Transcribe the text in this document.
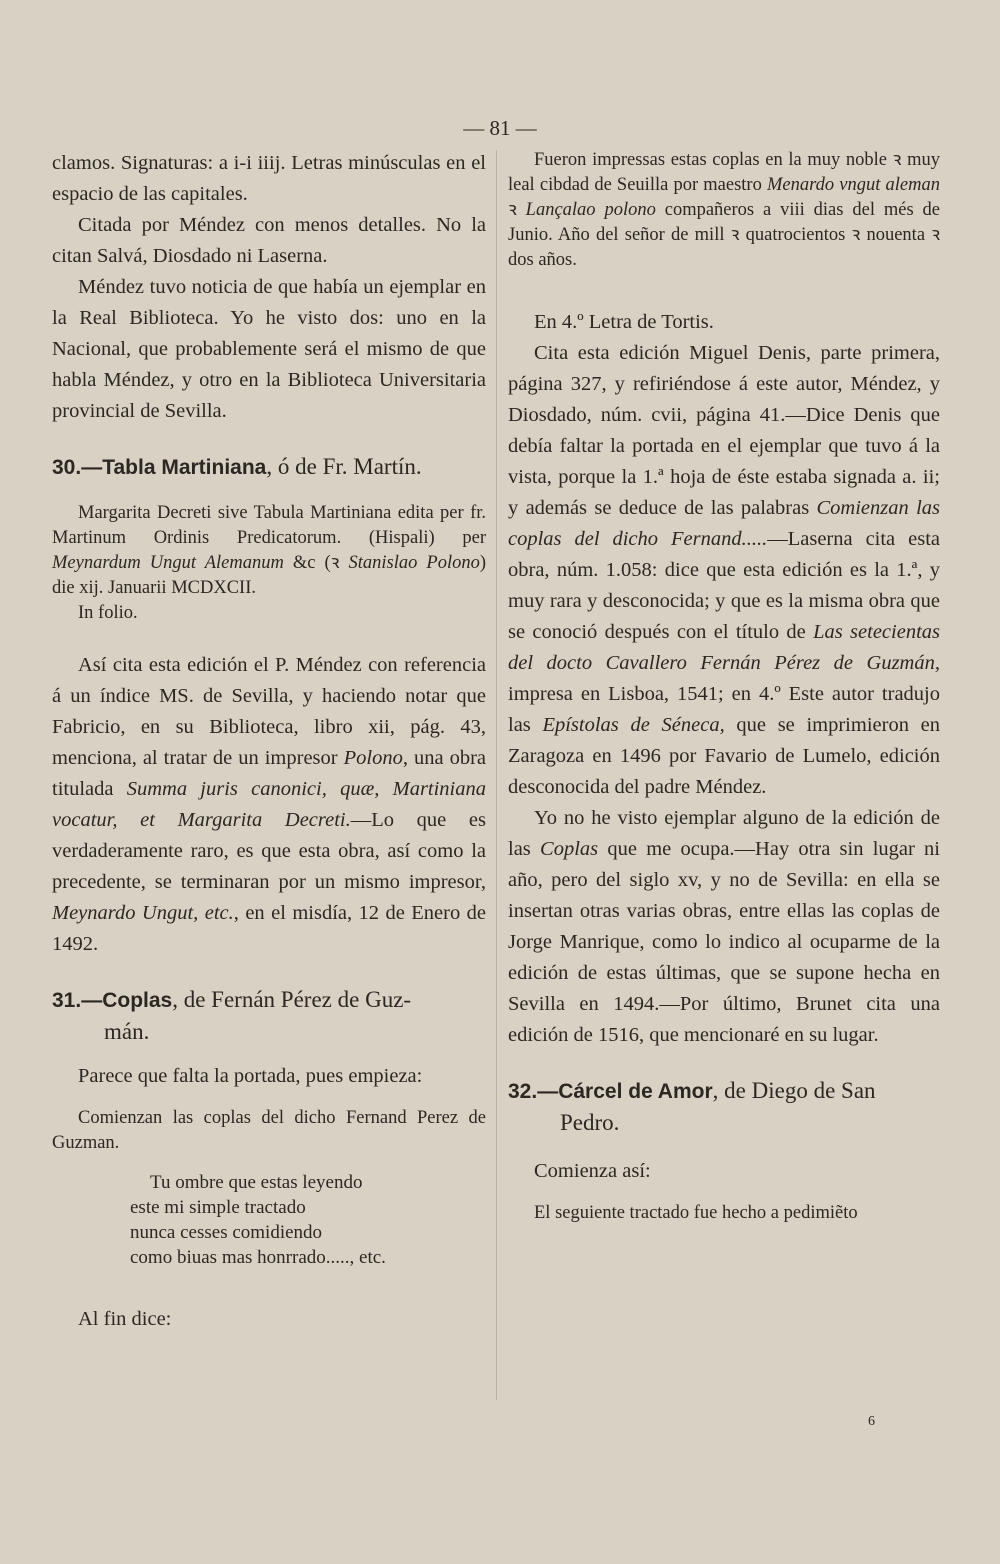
— 81 —

clamos. Signaturas: a i-i iiij. Letras minúsculas en el espacio de las capitales.

Citada por Méndez con menos detalles. No la citan Salvá, Diosdado ni Laserna.

Méndez tuvo noticia de que había un ejemplar en la Real Biblioteca. Yo he visto dos: uno en la Nacional, que probablemente será el mismo de que habla Méndez, y otro en la Biblioteca Universitaria provincial de Sevilla.

30.—Tabla Martiniana, ó de Fr. Martín.

Margarita Decreti sive Tabula Martiniana edita per fr. Martinum Ordinis Predicatorum. (Hispali) per Meynardum Ungut Alemanum &c (ꝛ Stanislao Polono) die xij. Januarii MCDXCII.

In folio.

Así cita esta edición el P. Méndez con referencia á un índice MS. de Sevilla, y haciendo notar que Fabricio, en su Biblioteca, libro xii, pág. 43, menciona, al tratar de un impresor Polono, una obra titulada Summa juris canonici, quæ, Martiniana vocatur, et Margarita Decreti.—Lo que es verdaderamente raro, es que esta obra, así como la precedente, se terminaran por un mismo impresor, Meynardo Ungut, etc., en el misdía, 12 de Enero de 1492.

31.—Coplas, de Fernán Pérez de Guz-
mán.

Parece que falta la portada, pues empieza:

Comienzan las coplas del dicho Fernand Perez de Guzman.

Tu ombre que estas leyendo
este mi simple tractado
nunca cesses comidiendo
como biuas mas honrrado....., etc.

Al fin dice:

Fueron impressas estas coplas en la muy noble ꝛ muy leal cibdad de Seuilla por maestro Menardo vngut aleman ꝛ Lançalao polono compañeros a viii dias del més de Junio. Año del señor de mill ꝛ quatrocientos ꝛ nouenta ꝛ dos años.

En 4.º Letra de Tortis.

Cita esta edición Miguel Denis, parte primera, página 327, y refiriéndose á este autor, Méndez, y Diosdado, núm. cvii, página 41.—Dice Denis que debía faltar la portada en el ejemplar que tuvo á la vista, porque la 1.ª hoja de éste estaba signada a. ii; y además se deduce de las palabras Comienzan las coplas del dicho Fernand.....—Laserna cita esta obra, núm. 1.058: dice que esta edición es la 1.ª, y muy rara y desconocida; y que es la misma obra que se conoció después con el título de Las setecientas del docto Cavallero Fernán Pérez de Guzmán, impresa en Lisboa, 1541; en 4.º Este autor tradujo las Epístolas de Séneca, que se imprimieron en Zaragoza en 1496 por Favario de Lumelo, edición desconocida del padre Méndez.

Yo no he visto ejemplar alguno de la edición de las Coplas que me ocupa.—Hay otra sin lugar ni año, pero del siglo xv, y no de Sevilla: en ella se insertan otras varias obras, entre ellas las coplas de Jorge Manrique, como lo indico al ocuparme de la edición de estas últimas, que se supone hecha en Sevilla en 1494.—Por último, Brunet cita una edición de 1516, que mencionaré en su lugar.

32.—Cárcel de Amor, de Diego de San
Pedro.

Comienza así:

El seguiente tractado fue hecho a pedimiẽto

6
